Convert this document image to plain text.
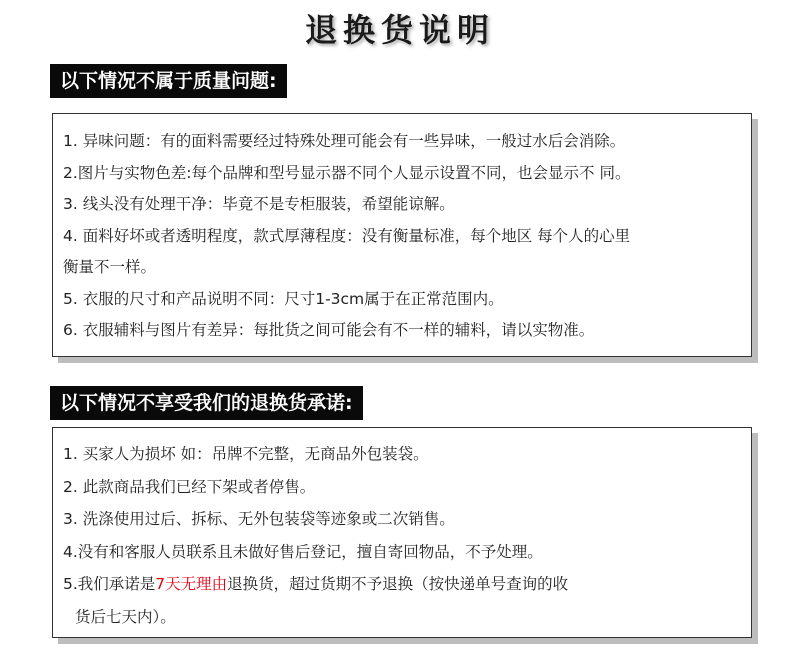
退换货说明
以下情况不属于质量问题:
1. 异味问题：有的面料需要经过特殊处理可能会有一些异味，一般过水后会消除。
2.图片与实物色差:每个品牌和型号显示器不同个人显示设置不同，也会显示不 同。
3. 线头没有处理干净：毕竟不是专柜服装，希望能谅解。
4. 面料好坏或者透明程度，款式厚薄程度：没有衡量标准，每个地区 每个人的心里
衡量不一样。
5. 衣服的尺寸和产品说明不同：尺寸1-3cm属于在正常范围内。
6. 衣服辅料与图片有差异：每批货之间可能会有不一样的辅料，请以实物准。
以下情况不享受我们的退换货承诺:
1. 买家人为损坏 如：吊牌不完整，无商品外包装袋。
2. 此款商品我们已经下架或者停售。
3. 洗涤使用过后、拆标、无外包装袋等迹象或二次销售。
4.没有和客服人员联系且未做好售后登记，擅自寄回物品，不予处理。
5.我们承诺是7天无理由退换货，超过货期不予退换（按快递单号查询的收
货后七天内）。
